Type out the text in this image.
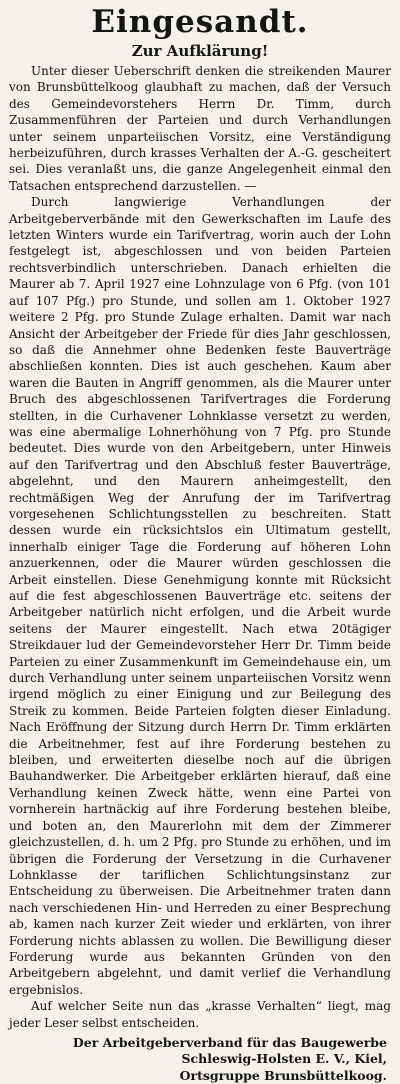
Eingesandt.
Zur Aufklärung!

Unter dieser Ueberschrift denken die streikenden Maurer von Brunsbüttelkoog glaubhaft zu machen, daß der Versuch des Gemeindevorstehers Herrn Dr. Timm, durch Zusammenführen der Parteien und durch Verhandlungen unter seinem unparteiischen Vorsitz, eine Verständigung herbeizuführen, durch krasses Verhalten der A.-G. gescheitert sei. Dies veranlaßt uns, die ganze Angelegenheit einmal den Tatsachen entsprechend darzustellen. —

Durch langwierige Verhandlungen der Arbeitgeberverbände mit den Gewerkschaften im Laufe des letzten Winters wurde ein Tarifvertrag, worin auch der Lohn festgelegt ist, abgeschlossen und von beiden Parteien rechtsverbindlich unterschrieben. Danach erhielten die Maurer ab 7. April 1927 eine Lohnzulage von 6 Pfg. (von 101 auf 107 Pfg.) pro Stunde, und sollen am 1. Oktober 1927 weitere 2 Pfg. pro Stunde Zulage erhalten. Damit war nach Ansicht der Arbeitgeber der Friede für dies Jahr geschlossen, so daß die Annehmer ohne Bedenken feste Bauverträge abschließen konnten. Dies ist auch geschehen. Kaum aber waren die Bauten in Angriff genommen, als die Maurer unter Bruch des abgeschlossenen Tarifvertrages die Forderung stellten, in die Curhavener Lohnklasse versetzt zu werden, was eine abermalige Lohnerhöhung von 7 Pfg. pro Stunde bedeutet. Dies wurde von den Arbeitgebern, unter Hinweis auf den Tarifvertrag und den Abschluß fester Bauverträge, abgelehnt, und den Maurern anheimgestellt, den rechtmäßigen Weg der Anrufung der im Tarifvertrag vorgesehenen Schlichtungsstellen zu beschreiten. Statt dessen wurde ein rücksichtslos ein Ultimatum gestellt, innerhalb einiger Tage die Forderung auf höheren Lohn anzuerkennen, oder die Maurer würden geschlossen die Arbeit einstellen. Diese Genehmigung konnte mit Rücksicht auf die fest abgeschlossenen Bauverträge etc. seitens der Arbeitgeber natürlich nicht erfolgen, und die Arbeit wurde seitens der Maurer eingestellt. Nach etwa 20tägiger Streikdauer lud der Gemeindevorsteher Herr Dr. Timm beide Parteien zu einer Zusammenkunft im Gemeindehause ein, um durch Verhandlung unter seinem unparteiischen Vorsitz wenn irgend möglich zu einer Einigung und zur Beilegung des Streik zu kommen. Beide Parteien folgten dieser Einladung. Nach Eröffnung der Sitzung durch Herrn Dr. Timm erklärten die Arbeitnehmer, fest auf ihre Forderung bestehen zu bleiben, und erweiterten dieselbe noch auf die übrigen Bauhandwerker. Die Arbeitgeber erklärten hierauf, daß eine Verhandlung keinen Zweck hätte, wenn eine Partei von vornherein hartnäckig auf ihre Forderung bestehen bleibe, und boten an, den Maurerlohn mit dem der Zimmerer gleichzustellen, d. h. um 2 Pfg. pro Stunde zu erhöhen, und im übrigen die Forderung der Versetzung in die Curhavener Lohnklasse der tariflichen Schlichtungsinstanz zur Entscheidung zu überweisen. Die Arbeitnehmer traten dann nach verschiedenen Hin- und Herreden zu einer Besprechung ab, kamen nach kurzer Zeit wieder und erklärten, von ihrer Forderung nichts ablassen zu wollen. Die Bewilligung dieser Forderung wurde aus bekannten Gründen von den Arbeitgebern abgelehnt, und damit verlief die Verhandlung ergebnislos.

Auf welcher Seite nun das „krasse Verhalten“ liegt, mag jeder Leser selbst entscheiden.

Der Arbeitgeberverband für das Baugewerbe
Schleswig-Holsten E. V., Kiel,
Ortsgruppe Brunsbüttelkoog.
